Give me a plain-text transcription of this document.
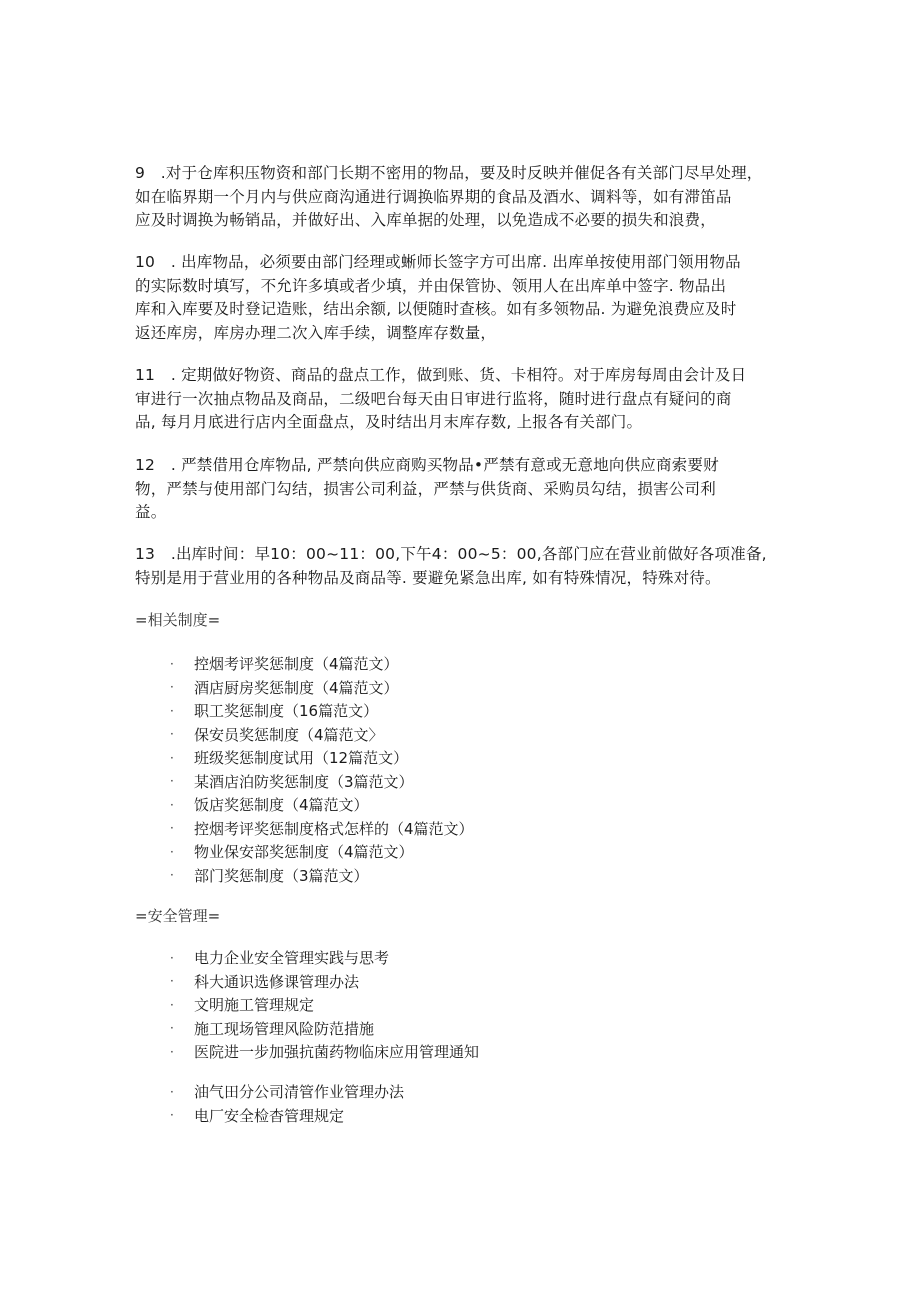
9 .对于仓库积压物资和部门长期不密用的物品，要及时反映并催促各有关部门尽早处理，
如在临界期一个月内与供应商沟通进行调换临界期的食品及酒水、调料等，如有滞笛品
应及时调换为畅销品，并做好出、入库单据的处理，以免造成不必要的损失和浪费，
10 . 出库物品，必须要由部门经理或蜥师长签字方可出席. 出库单按使用部门领用物品
的实际数时填写，不允许多填或者少填，并由保管协、领用人在出库单中签字. 物品出
库和入库要及时登记造账，结出余额, 以便随时查核。如有多领物品. 为避免浪费应及时
返还库房，库房办理二次入库手续，调整库存数量，
11 . 定期做好物资、商品的盘点工作，做到账、货、卡相符。对于库房每周由会计及日
审进行一次抽点物品及商品，二级吧台每天由日审进行监将，随时进行盘点有疑问的商
品, 每月月底进行店内全面盘点，及时结出月末库存数, 上报各有关部门。
12 . 严禁借用仓库物品, 严禁向供应商购买物品•严禁有意或无意地向供应商索要财
物，严禁与使用部门勾结，损害公司利益，严禁与供货商、采购员勾结，损害公司利
益。
13 .出库时间：早10：00~11：00,下午4：00~5：00,各部门应在营业前做好各项准备,
特别是用于营业用的各种物品及商品等. 要避免紧急出库, 如有特殊情况，特殊对待。
=相关制度=
·	控烟考评奖惩制度（4篇范文）
·	酒店厨房奖惩制度（4篇范文）
·	职工奖惩制度（16篇范文）
·	保安员奖惩制度（4篇范文〉
·	班级奖惩制度试用（12篇范文）
·	某酒店泊防奖惩制度（3篇范文）
·	饭店奖惩制度（4篇范文）
·	控烟考评奖惩制度格式怎样的（4篇范文）
·	物业保安部奖惩制度（4篇范文）
·	部门奖惩制度（3篇范文）
=安全管理=
·	电力企业安全管理实践与思考
·	科大通识选修课管理办法
·	文明施工管理规定
·	施工现场管理风险防范措施
·	医院进一步加强抗菌药物临床应用管理通知
·	油气田分公司清管作业管理办法
·	电厂安全检杳管理规定
